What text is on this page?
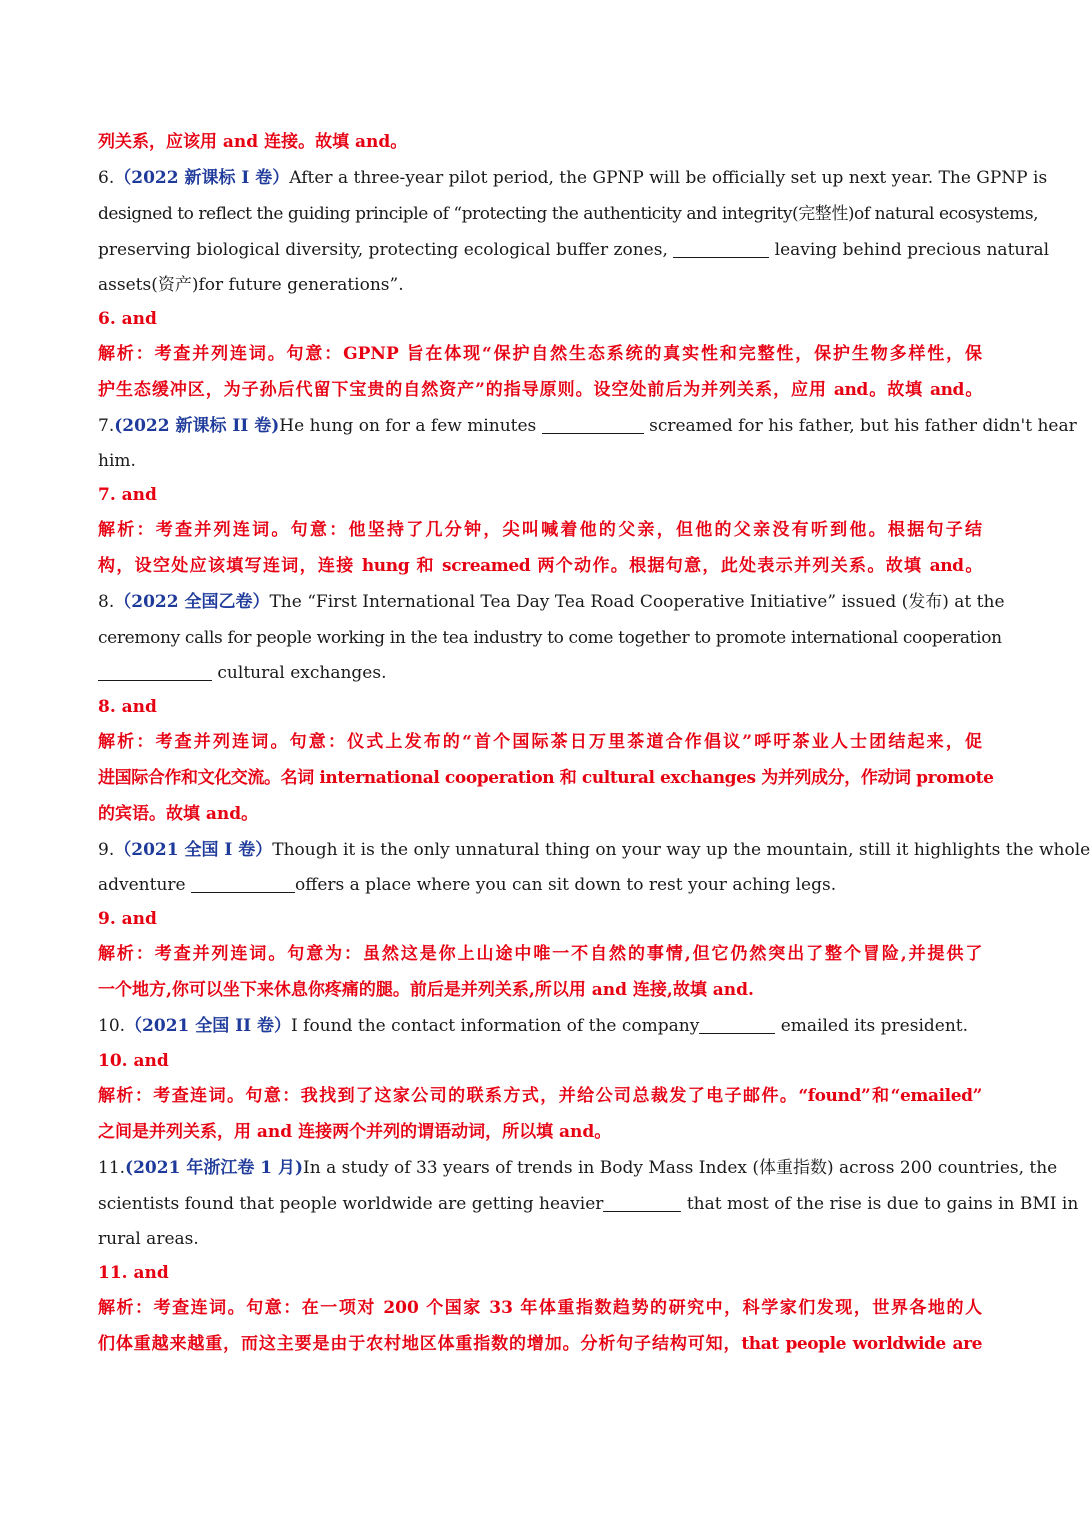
列关系，应该用 and 连接。故填 and。
6.（2022 新课标 I 卷）After a three-year pilot period, the GPNP will be officially set up next year. The GPNP is
designed to reflect the guiding principle of “protecting the authenticity and integrity(完整性)of natural ecosystems,
preserving biological diversity, protecting ecological buffer zones,	leaving behind precious natural
assets(资产)for future generations”.
6. and
解析：考查并列连词。句意：GPNP 旨在体现“保护自然生态系统的真实性和完整性，保护生物多样性，保
护生态缓冲区，为子孙后代留下宝贵的自然资产”的指导原则。设空处前后为并列关系，应用 and。故填 and。
7.(2022 新课标 II 卷)He hung on for a few minutes	screamed for his father, but his father didn't hear
him.
7. and
解析：考查并列连词。句意：他坚持了几分钟，尖叫喊着他的父亲，但他的父亲没有听到他。根据句子结
构，设空处应该填写连词，连接 hung 和 screamed 两个动作。根据句意，此处表示并列关系。故填 and。
8.（2022 全国乙卷）The “First International Tea Day Tea Road Cooperative Initiative” issued (发布) at the
ceremony calls for people working in the tea industry to come together to promote international cooperation
cultural exchanges.
8. and
解析：考查并列连词。句意：仪式上发布的“首个国际茶日万里茶道合作倡议”呼吁茶业人士团结起来，促
进国际合作和文化交流。名词 international cooperation 和 cultural exchanges 为并列成分，作动词 promote
的宾语。故填 and。
9.（2021 全国 I 卷）Though it is the only unnatural thing on your way up the mountain, still it highlights the whole
adventure	offers a place where you can sit down to rest your aching legs.
9. and
解析：考查并列连词。句意为：虽然这是你上山途中唯一不自然的事情,但它仍然突出了整个冒险,并提供了
一个地方,你可以坐下来休息你疼痛的腿。前后是并列关系,所以用 and 连接,故填 and.
10.（2021 全国 II 卷）I found the contact information of the company	emailed its president.
10. and
解析：考查连词。句意：我找到了这家公司的联系方式，并给公司总裁发了电子邮件。“found”和“emailed”
之间是并列关系，用 and 连接两个并列的谓语动词，所以填 and。
11.(2021 年浙江卷 1 月)In a study of 33 years of trends in Body Mass Index (体重指数) across 200 countries, the
scientists found that people worldwide are getting heavier	that most of the rise is due to gains in BMI in
rural areas.
11. and
解析：考查连词。句意：在一项对 200 个国家 33 年体重指数趋势的研究中，科学家们发现，世界各地的人
们体重越来越重，而这主要是由于农村地区体重指数的增加。分析句子结构可知，that people worldwide are
